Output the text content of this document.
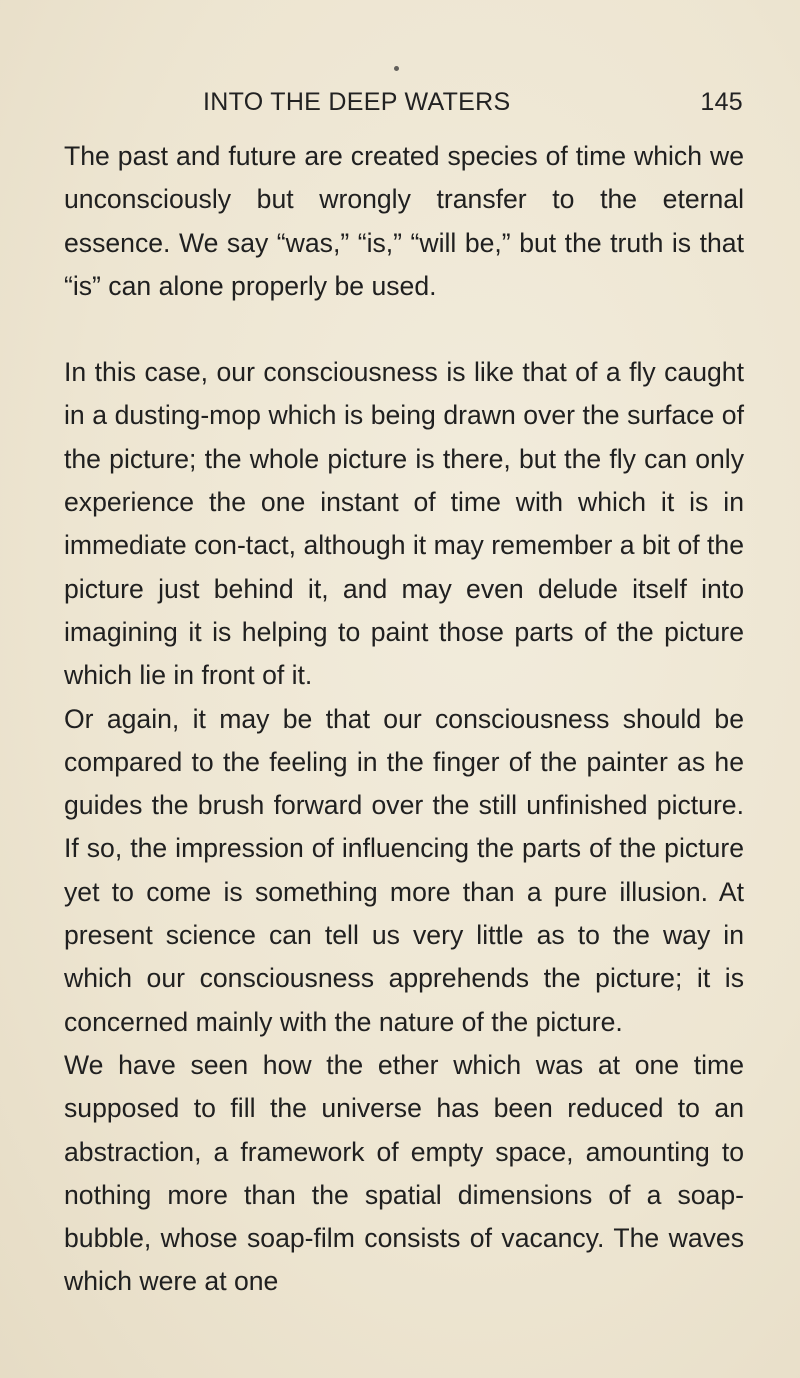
INTO THE DEEP WATERS	145

The past and future are created species of time which we unconsciously but wrongly transfer to the eternal essence. We say “was,” “is,” “will be,” but the truth is that “is” can alone properly be used.

In this case, our consciousness is like that of a fly caught in a dusting-mop which is being drawn over the surface of the picture; the whole picture is there, but the fly can only experience the one instant of time with which it is in immediate con-tact, although it may remember a bit of the picture just behind it, and may even delude itself into imagining it is helping to paint those parts of the picture which lie in front of it.

Or again, it may be that our consciousness should be compared to the feeling in the finger of the painter as he guides the brush forward over the still unfinished picture. If so, the impression of influencing the parts of the picture yet to come is something more than a pure illusion. At present science can tell us very little as to the way in which our consciousness apprehends the picture; it is concerned mainly with the nature of the picture.

We have seen how the ether which was at one time supposed to fill the universe has been reduced to an abstraction, a framework of empty space, amounting to nothing more than the spatial dimensions of a soap-bubble, whose soap-film consists of vacancy. The waves which were at one
